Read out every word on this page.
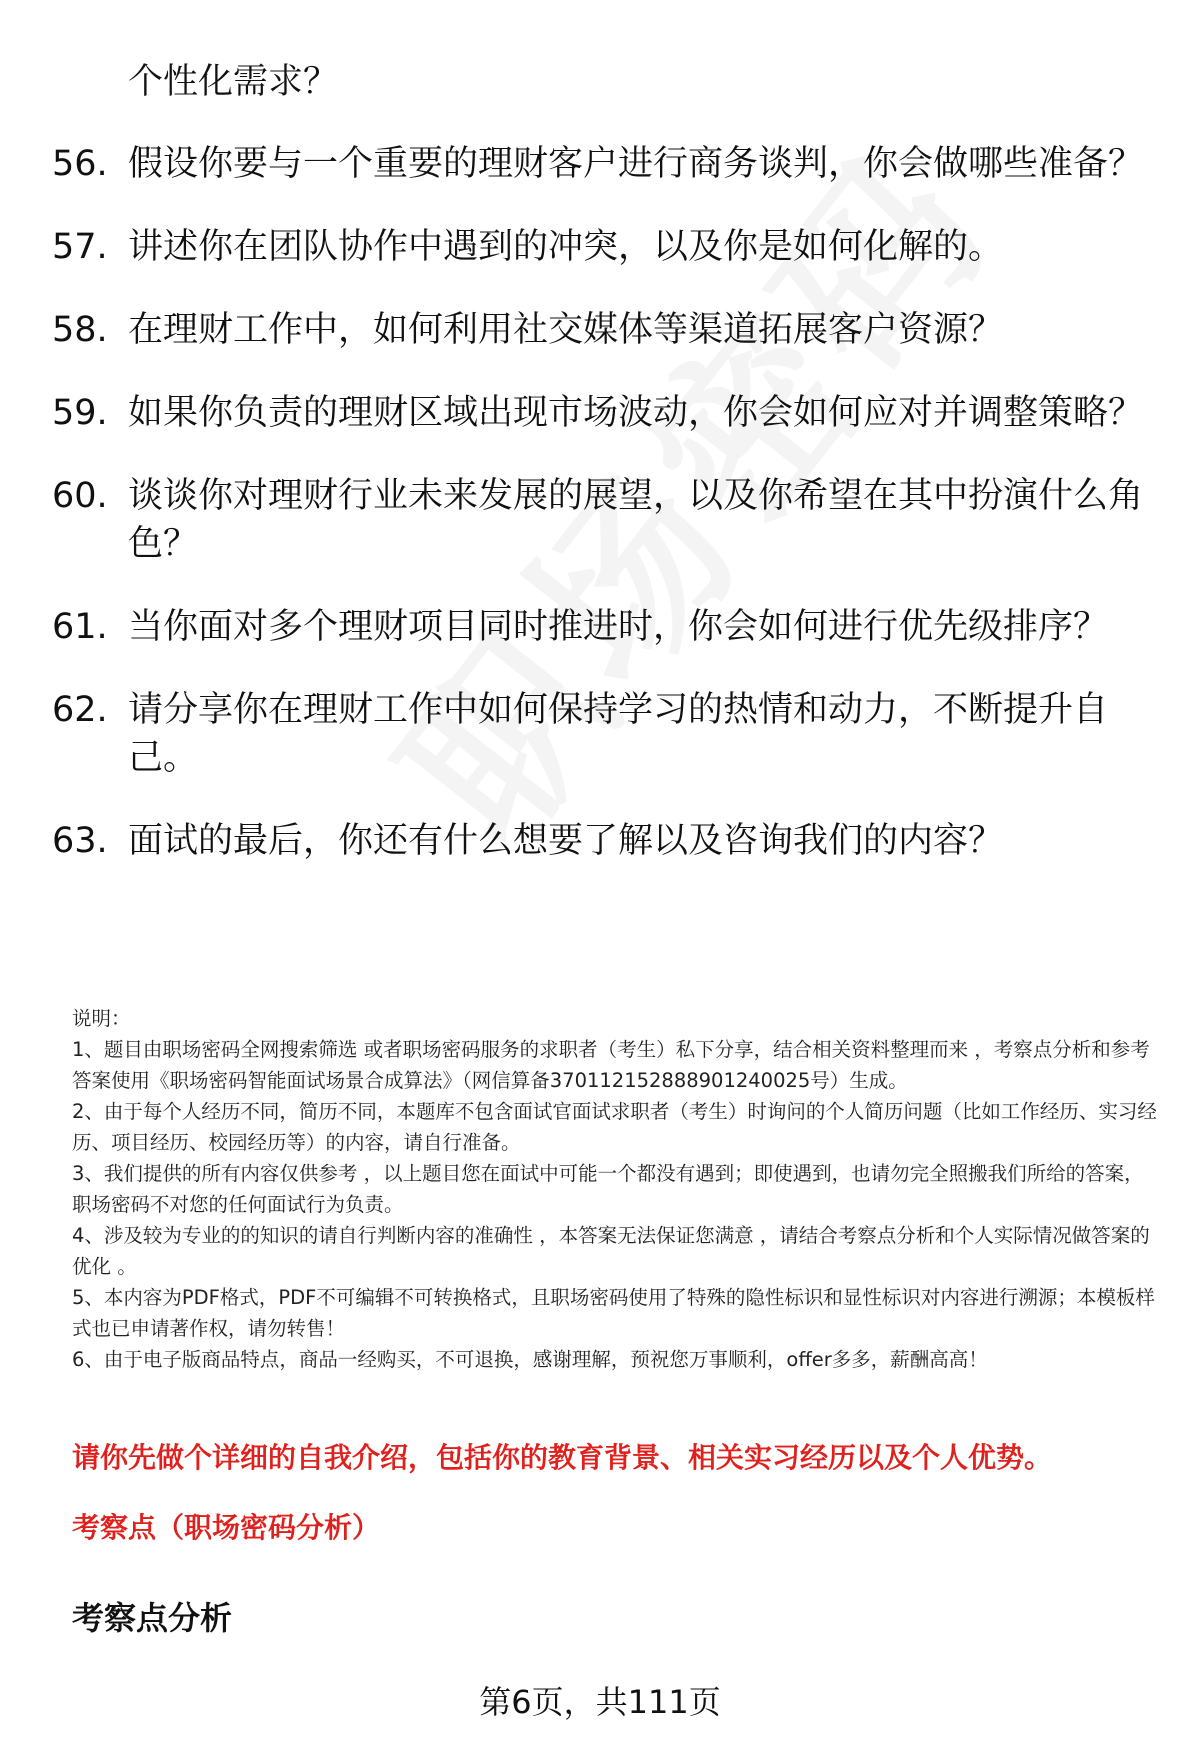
个性化需求？
56. 假设你要与一个重要的理财客户进行商务谈判，你会做哪些准备？
57. 讲述你在团队协作中遇到的冲突，以及你是如何化解的。
58. 在理财工作中，如何利用社交媒体等渠道拓展客户资源？
59. 如果你负责的理财区域出现市场波动，你会如何应对并调整策略？
60. 谈谈你对理财行业未来发展的展望，以及你希望在其中扮演什么角色？
61. 当你面对多个理财项目同时推进时，你会如何进行优先级排序？
62. 请分享你在理财工作中如何保持学习的热情和动力，不断提升自己。
63. 面试的最后，你还有什么想要了解以及咨询我们的内容？

说明：

1、题目由职场密码全网搜索筛选 或者职场密码服务的求职者（考生）私下分享，结合相关资料整理而来 ，考察点分析和参考答案使用《职场密码智能面试场景合成算法》（网信算备370112152888901240025号）生成。

2、由于每个人经历不同，简历不同，本题库不包含面试官面试求职者（考生）时询问的个人简历问题（比如工作经历、实习经历、项目经历、校园经历等）的内容，请自行准备。

3、我们提供的所有内容仅供参考 ，以上题目您在面试中可能一个都没有遇到；即使遇到，也请勿完全照搬我们所给的答案，职场密码不对您的任何面试行为负责。

4、涉及较为专业的的知识的请自行判断内容的准确性 ，本答案无法保证您满意 ，请结合考察点分析和个人实际情况做答案的优化 。

5、本内容为PDF格式，PDF不可编辑不可转换格式，且职场密码使用了特殊的隐性标识和显性标识对内容进行溯源；本模板样式也已申请著作权，请勿转售！

6、由于电子版商品特点，商品一经购买，不可退换，感谢理解，预祝您万事顺利，offer多多，薪酬高高！

请你先做个详细的自我介绍，包括你的教育背景、相关实习经历以及个人优势。
考察点（职场密码分析）
考察点分析
第6页，共111页
